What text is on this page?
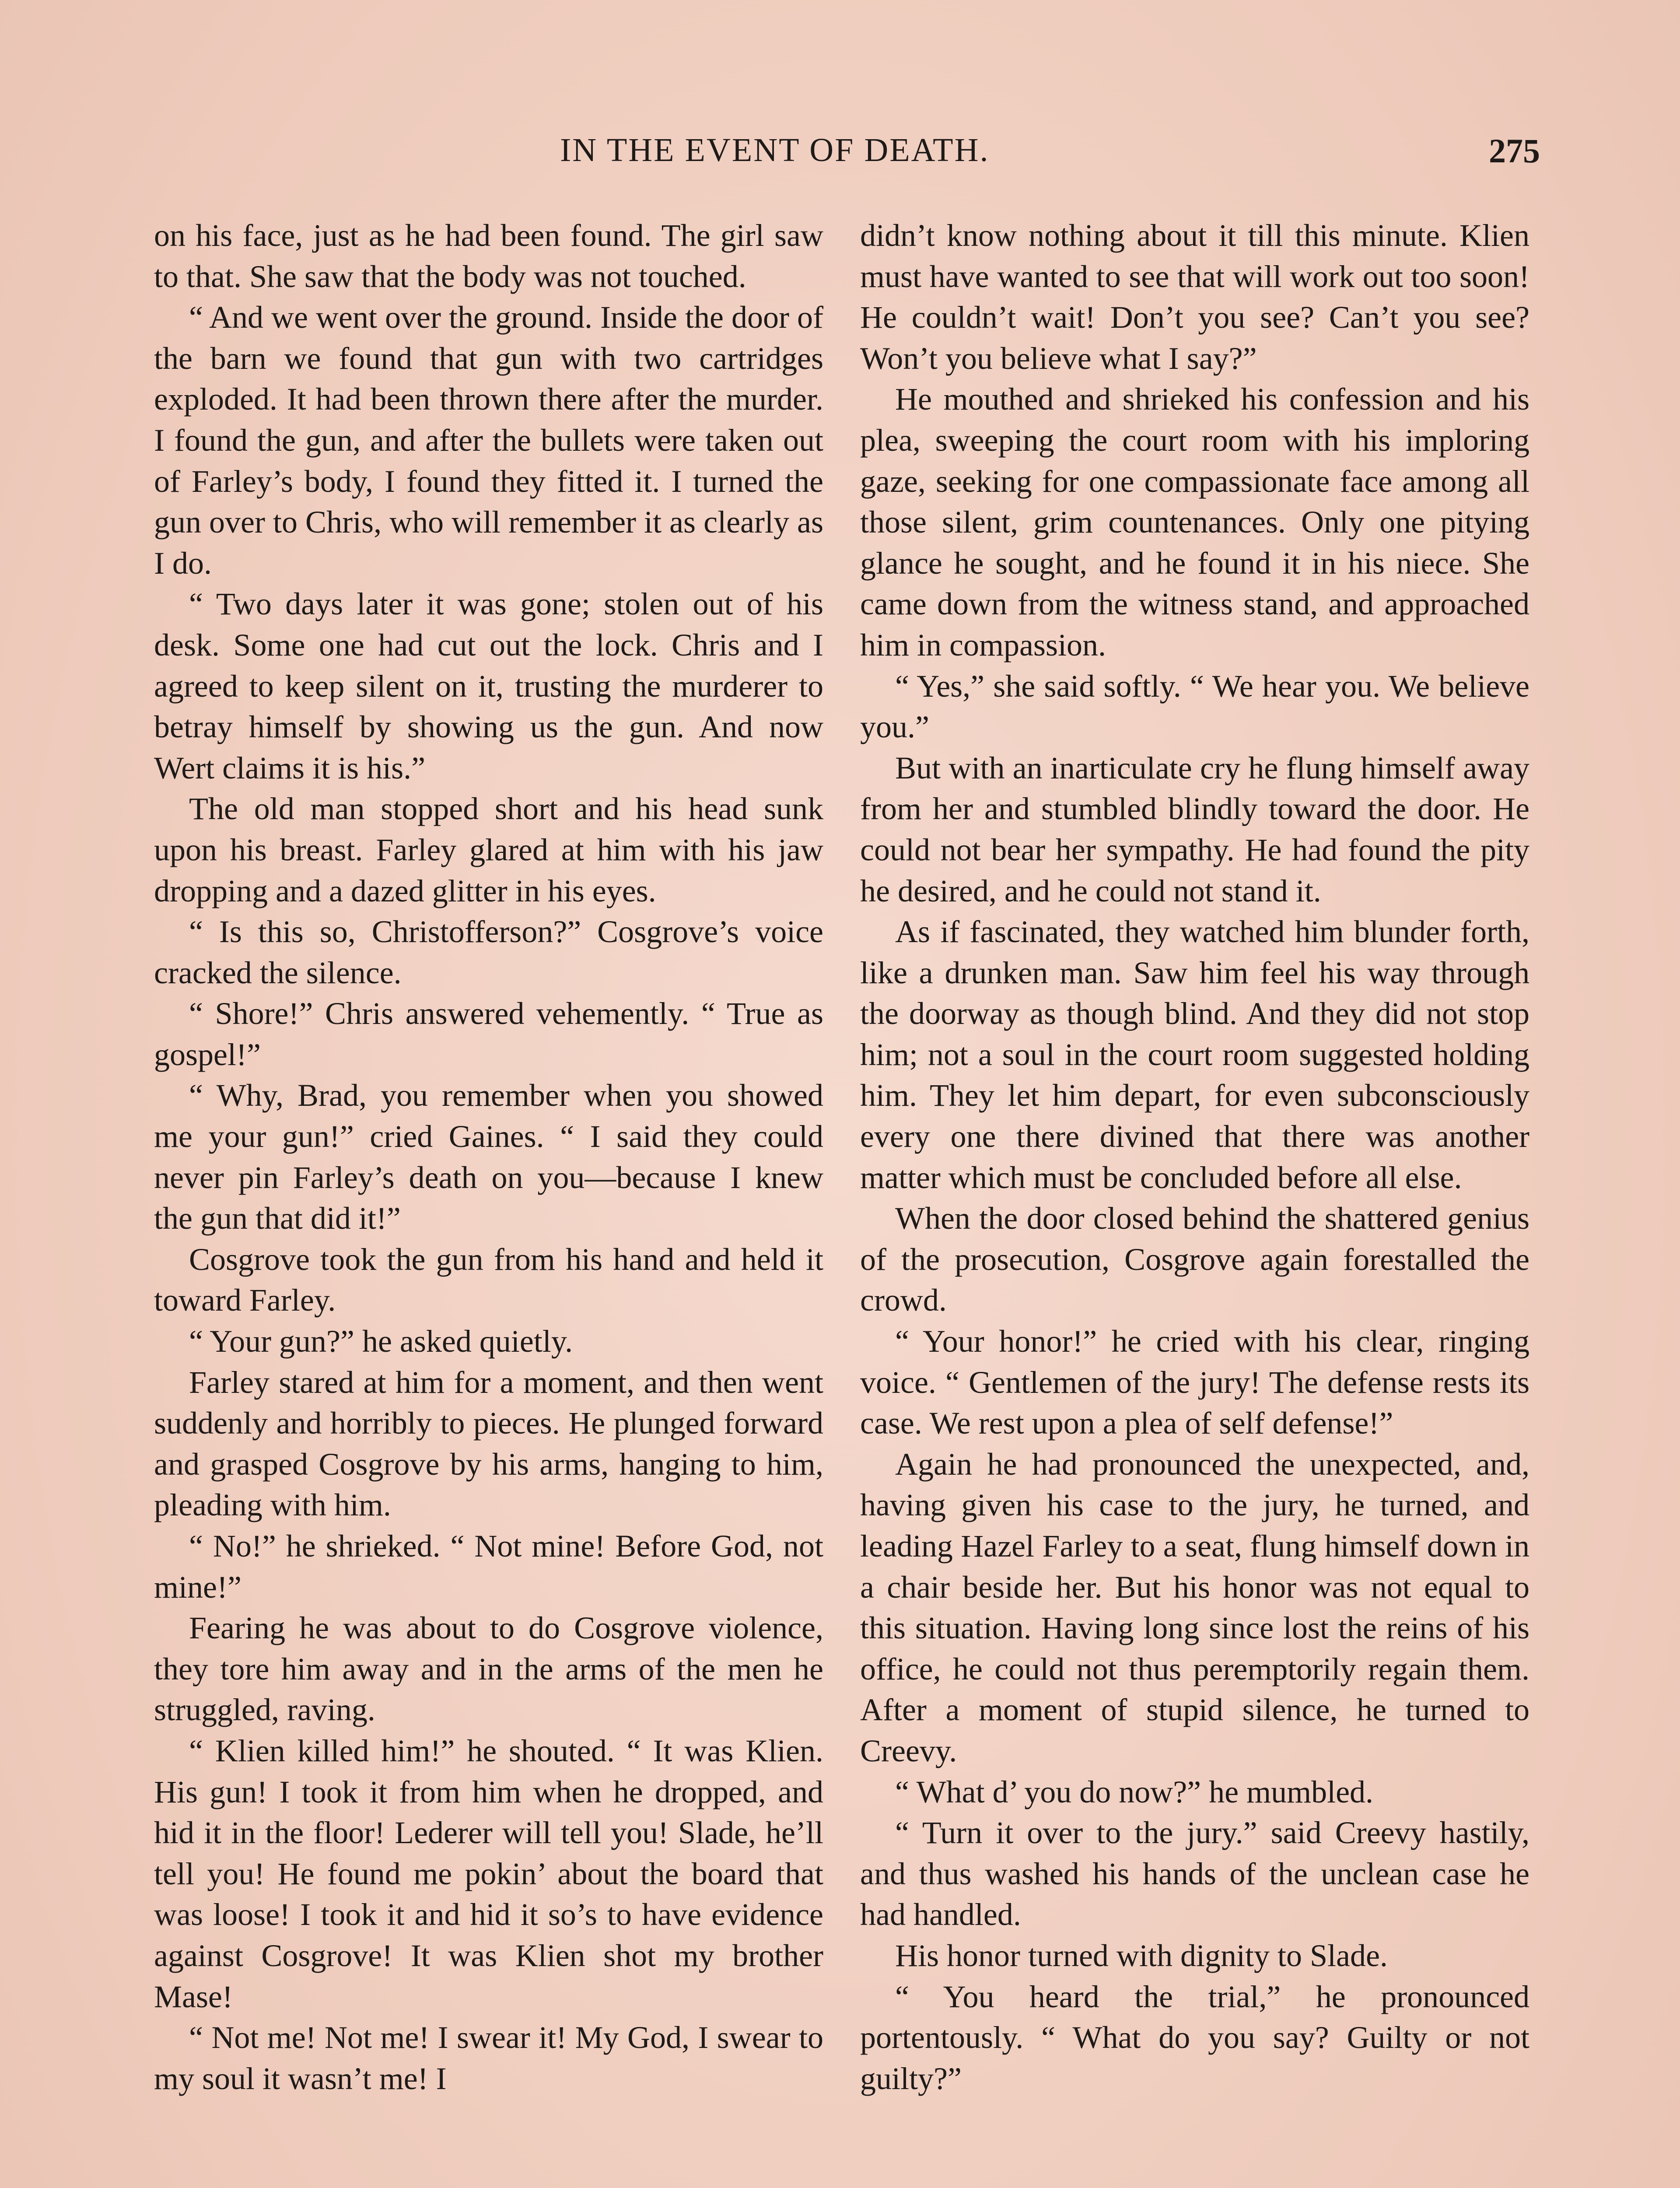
IN THE EVENT OF DEATH.	275

on his face, just as he had been found. The girl saw to that. She saw that the body was not touched.

“ And we went over the ground. Inside the door of the barn we found that gun with two cartridges exploded. It had been thrown there after the murder. I found the gun, and after the bullets were taken out of Farley’s body, I found they fitted it. I turned the gun over to Chris, who will remember it as clearly as I do.

“ Two days later it was gone; stolen out of his desk. Some one had cut out the lock. Chris and I agreed to keep silent on it, trusting the murderer to betray himself by showing us the gun. And now Wert claims it is his.”

The old man stopped short and his head sunk upon his breast. Farley glared at him with his jaw dropping and a dazed glitter in his eyes.

“ Is this so, Christofferson?” Cosgrove’s voice cracked the silence.

“ Shore!” Chris answered vehemently. “ True as gospel!”

“ Why, Brad, you remember when you showed me your gun!” cried Gaines. “ I said they could never pin Farley’s death on you—because I knew the gun that did it!”

Cosgrove took the gun from his hand and held it toward Farley.

“ Your gun?” he asked quietly.

Farley stared at him for a moment, and then went suddenly and horribly to pieces. He plunged forward and grasped Cosgrove by his arms, hanging to him, pleading with him.

“ No!” he shrieked. “ Not mine! Before God, not mine!”

Fearing he was about to do Cosgrove violence, they tore him away and in the arms of the men he struggled, raving.

“ Klien killed him!” he shouted. “ It was Klien. His gun! I took it from him when he dropped, and hid it in the floor! Lederer will tell you! Slade, he’ll tell you! He found me pokin’ about the board that was loose! I took it and hid it so’s to have evidence against Cosgrove! It was Klien shot my brother Mase!

“ Not me! Not me! I swear it! My God, I swear to my soul it wasn’t me! I

didn’t know nothing about it till this minute. Klien must have wanted to see that will work out too soon! He couldn’t wait! Don’t you see? Can’t you see? Won’t you believe what I say?”

He mouthed and shrieked his confession and his plea, sweeping the court room with his imploring gaze, seeking for one compassionate face among all those silent, grim countenances. Only one pitying glance he sought, and he found it in his niece. She came down from the witness stand, and approached him in compassion.

“ Yes,” she said softly. “ We hear you. We believe you.”

But with an inarticulate cry he flung himself away from her and stumbled blindly toward the door. He could not bear her sympathy. He had found the pity he desired, and he could not stand it.

As if fascinated, they watched him blunder forth, like a drunken man. Saw him feel his way through the doorway as though blind. And they did not stop him; not a soul in the court room suggested holding him. They let him depart, for even subconsciously every one there divined that there was another matter which must be concluded before all else.

When the door closed behind the shattered genius of the prosecution, Cosgrove again forestalled the crowd.

“ Your honor!” he cried with his clear, ringing voice. “ Gentlemen of the jury! The defense rests its case. We rest upon a plea of self defense!”

Again he had pronounced the unexpected, and, having given his case to the jury, he turned, and leading Hazel Farley to a seat, flung himself down in a chair beside her. But his honor was not equal to this situation. Having long since lost the reins of his office, he could not thus peremptorily regain them. After a moment of stupid silence, he turned to Creevy.

“ What d’ you do now?” he mumbled.

“ Turn it over to the jury.” said Creevy hastily, and thus washed his hands of the unclean case he had handled.

His honor turned with dignity to Slade.

“ You heard the trial,” he pronounced portentously. “ What do you say? Guilty or not guilty?”
